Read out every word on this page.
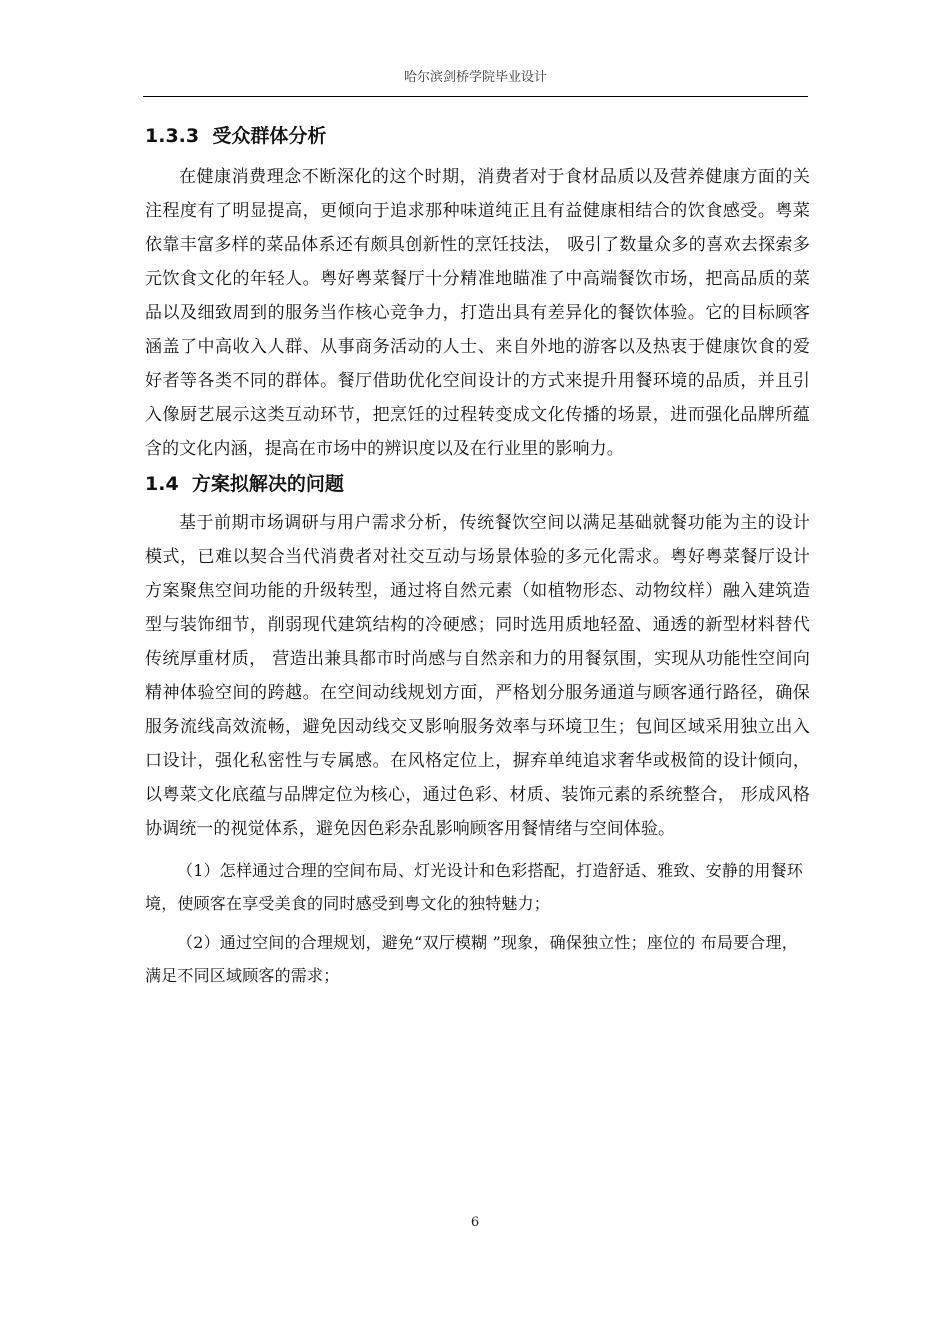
哈尔滨剑桥学院毕业设计
1.3.3  受众群体分析

在健康消费理念不断深化的这个时期，消费者对于食材品质以及营养健康方面的关注程度有了明显提高，更倾向于追求那种味道纯正且有益健康相结合的饮食感受。粤菜依靠丰富多样的菜品体系还有颇具创新性的烹饪技法， 吸引了数量众多的喜欢去探索多元饮食文化的年轻人。粤好粤菜餐厅十分精准地瞄准了中高端餐饮市场，把高品质的菜品以及细致周到的服务当作核心竞争力，打造出具有差异化的餐饮体验。它的目标顾客涵盖了中高收入人群、从事商务活动的人士、来自外地的游客以及热衷于健康饮食的爱好者等各类不同的群体。餐厅借助优化空间设计的方式来提升用餐环境的品质，并且引入像厨艺展示这类互动环节，把烹饪的过程转变成文化传播的场景，进而强化品牌所蕴含的文化内涵，提高在市场中的辨识度以及在行业里的影响力。

1.4  方案拟解决的问题

基于前期市场调研与用户需求分析，传统餐饮空间以满足基础就餐功能为主的设计模式，已难以契合当代消费者对社交互动与场景体验的多元化需求。粤好粤菜餐厅设计方案聚焦空间功能的升级转型，通过将自然元素（如植物形态、动物纹样）融入建筑造型与装饰细节，削弱现代建筑结构的冷硬感；同时选用质地轻盈、通透的新型材料替代传统厚重材质， 营造出兼具都市时尚感与自然亲和力的用餐氛围，实现从功能性空间向精神体验空间的跨越。在空间动线规划方面，严格划分服务通道与顾客通行路径，确保服务流线高效流畅，避免因动线交叉影响服务效率与环境卫生；包间区域采用独立出入口设计，强化私密性与专属感。在风格定位上，摒弃单纯追求奢华或极简的设计倾向，以粤菜文化底蕴与品牌定位为核心，通过色彩、材质、装饰元素的系统整合， 形成风格协调统一的视觉体系，避免因色彩杂乱影响顾客用餐情绪与空间体验。

（1）怎样通过合理的空间布局、灯光设计和色彩搭配，打造舒适、雅致、安静的用餐环境，使顾客在享受美食的同时感受到粤文化的独特魅力；

（2）通过空间的合理规划，避免“双厅模糊 ”现象，确保独立性；座位的 布局要合理，满足不同区域顾客的需求；

6
